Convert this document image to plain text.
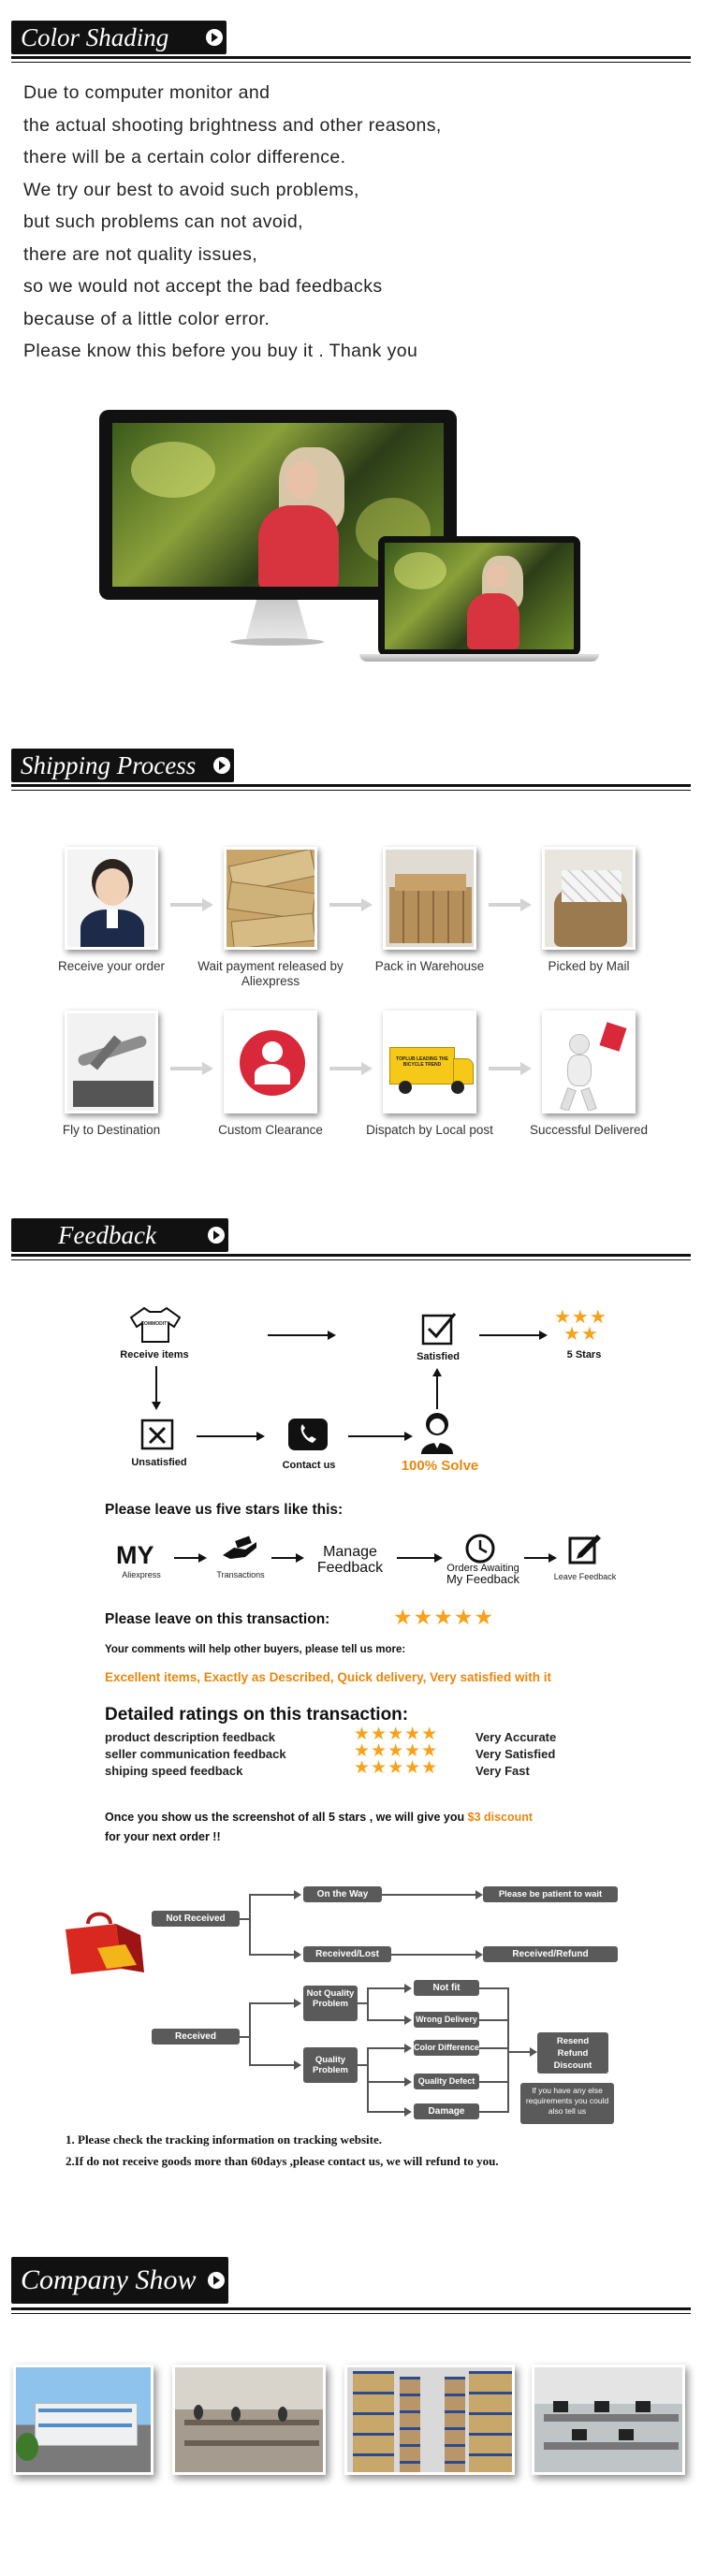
Color Shading
Due to computer monitor and
the actual shooting brightness and other reasons,
there will be a certain color difference.
We try our best to avoid such problems,
but such problems can not avoid,
there are not quality issues,
so we would not accept the bad feedbacks
because of a little color error.
Please know this before you buy it . Thank you
Shipping Process
Receive your order	Wait payment released by Aliexpress
Pack in Warehouse	Picked by Mail
Fly to Destination	Custom Clearance
TOPLUB LEADING THE BICYCLE TREND
Dispatch by Local post	Successful Delivered
Feedback
COMMODITY
Receive items	Satisfied
★★★
★★
5 Stars
Unsatisfied	Contact us	100% Solve
Please leave us five stars like this:
MY
Aliexpress	Transactions
Manage
Feedback	Orders Awaiting
My Feedback	Leave Feedback
Please leave on this transaction:	★★★★★
Your comments will help other buyers, please tell us more:
Excellent items, Exactly as Described, Quick delivery, Very satisfied with it
Detailed ratings on this transaction:
product description feedback	★★★★★	Very Accurate
seller communication feedback	★★★★★	Very Satisfied
shiping speed feedback	★★★★★	Very Fast
Once you show us the screenshot of all 5 stars , we will give you $3 discount
for your next order !!
Not Received
On the Way	Please be patient to wait
Received/Lost	Received/Refund
Received
Not Quality Problem
Not fit
Wrong Delivery
Quality Problem
Color Difference
Quality Defect
Damage
Resend
Refund
Discount
If you have any else requirements you could also tell us
1. Please check the tracking information on tracking website.
2.If do not receive goods more than 60days ,please contact us, we will refund to you.
Company Show
